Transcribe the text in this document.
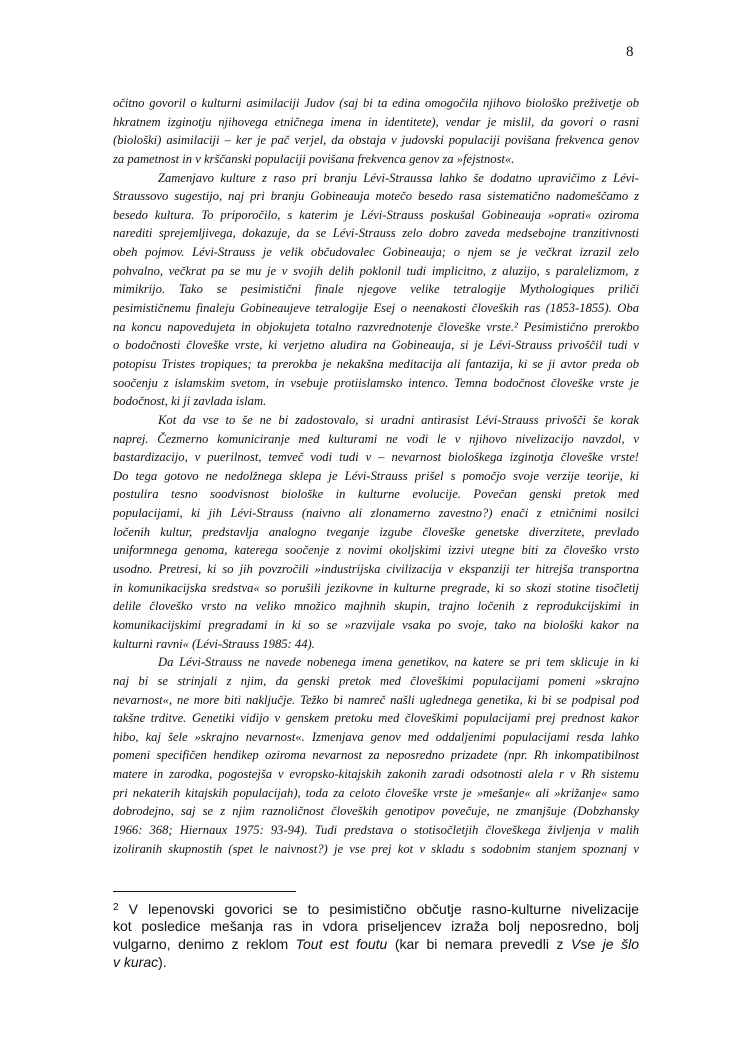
8
očitno govoril o kulturni asimilaciji Judov (saj bi ta edina omogočila njihovo biološko preživetje ob
hkratnem izginotju njihovega etničnega imena in identitete), vendar je mislil, da govori o rasni
(biološki) asimilaciji – ker je pač verjel, da obstaja v judovski populaciji povišana frekvenca genov
za pametnost in v krščanski populaciji povišana frekvenca genov za »fejstnost«.
Zamenjavo kulture z raso pri branju Lévi-Straussa lahko še dodatno upravičimo z Lévi-
Straussovo sugestijo, naj pri branju Gobineauja motečo besedo rasa sistematično nadomeščamo z
besedo kultura. To priporočilo, s katerim je Lévi-Strauss poskušal Gobineauja »oprati« oziroma
narediti sprejemljivega, dokazuje, da se Lévi-Strauss zelo dobro zaveda medsebojne tranzitivnosti
obeh pojmov. Lévi-Strauss je velik občudovalec Gobineauja; o njem se je večkrat izrazil zelo
pohvalno, večkrat pa se mu je v svojih delih poklonil tudi implicitno, z aluzijo, s paralelizmom, z
mimikrijo. Tako se pesimistični finale njegove velike tetralogije Mythologiques priliči
pesimističnemu finaleju Gobineaujeve tetralogije Esej o neenakosti človeških ras (1853-1855). Oba
na koncu napovedujeta in objokujeta totalno razvrednotenje človeške vrste.² Pesimistično prerokbo
o bodočnosti človeške vrste, ki verjetno aludira na Gobineauja, si je Lévi-Strauss privoščil tudi v
potopisu Tristes tropiques; ta prerokba je nekakšna meditacija ali fantazija, ki se ji avtor preda ob
soočenju z islamskim svetom, in vsebuje protiislamsko intenco. Temna bodočnost človeške vrste je
bodočnost, ki ji zavlada islam.
Kot da vse to še ne bi zadostovalo, si uradni antirasist Lévi-Strauss privošči še korak
naprej. Čezmerno komuniciranje med kulturami ne vodi le v njihovo nivelizacijo navzdol, v
bastardizacijo, v puerilnost, temveč vodi tudi v – nevarnost biološkega izginotja človeške vrste!
Do tega gotovo ne nedolžnega sklepa je Lévi-Strauss prišel s pomočjo svoje verzije teorije, ki
postulira tesno soodvisnost biološke in kulturne evolucije. Povečan genski pretok med
populacijami, ki jih Lévi-Strauss (naivno ali zlonamerno zavestno?) enači z etničnimi nosilci
ločenih kultur, predstavlja analogno tveganje izgube človeške genetske diverzitete, prevlado
uniformnega genoma, katerega soočenje z novimi okoljskimi izzivi utegne biti za človeško vrsto
usodno. Pretresi, ki so jih povzročili »industrijska civilizacija v ekspanziji ter hitrejša transportna
in komunikacijska sredstva« so porušili jezikovne in kulturne pregrade, ki so skozi stotine tisočletij
delile človeško vrsto na veliko množico majhnih skupin, trajno ločenih z reprodukcijskimi in
komunikacijskimi pregradami in ki so se »razvijale vsaka po svoje, tako na biološki kakor na
kulturni ravni« (Lévi-Strauss 1985: 44).
Da Lévi-Strauss ne navede nobenega imena genetikov, na katere se pri tem sklicuje in ki
naj bi se strinjali z njim, da genski pretok med človeškimi populacijami pomeni »skrajno
nevarnost«, ne more biti naključje. Težko bi namreč našli uglednega genetika, ki bi se podpisal pod
takšne trditve. Genetiki vidijo v genskem pretoku med človeškimi populacijami prej prednost kakor
hibo, kaj šele »skrajno nevarnost«. Izmenjava genov med oddaljenimi populacijami resda lahko
pomeni specifičen hendikep oziroma nevarnost za neposredno prizadete (npr. Rh inkompatibilnost
matere in zarodka, pogostejša v evropsko-kitajskih zakonih zaradi odsotnosti alela r v Rh sistemu
pri nekaterih kitajskih populacijah), toda za celoto človeške vrste je »mešanje« ali »križanje« samo
dobrodejno, saj se z njim raznoličnost človeških genotipov povečuje, ne zmanjšuje (Dobzhansky
1966: 368; Hiernaux 1975: 93-94). Tudi predstava o stotisočletjih človeškega življenja v malih
izoliranih skupnostih (spet le naivnost?) je vse prej kot v skladu s sodobnim stanjem spoznanj v
$^2$ V lepenovski govorici se to pesimistično občutje rasno-kulturne nivelizacije
kot posledice mešanja ras in vdora priseljencev izraža bolj neposredno, bolj
vulgarno, denimo z reklom Tout est foutu (kar bi nemara prevedli z Vse je šlo
v kurac).
